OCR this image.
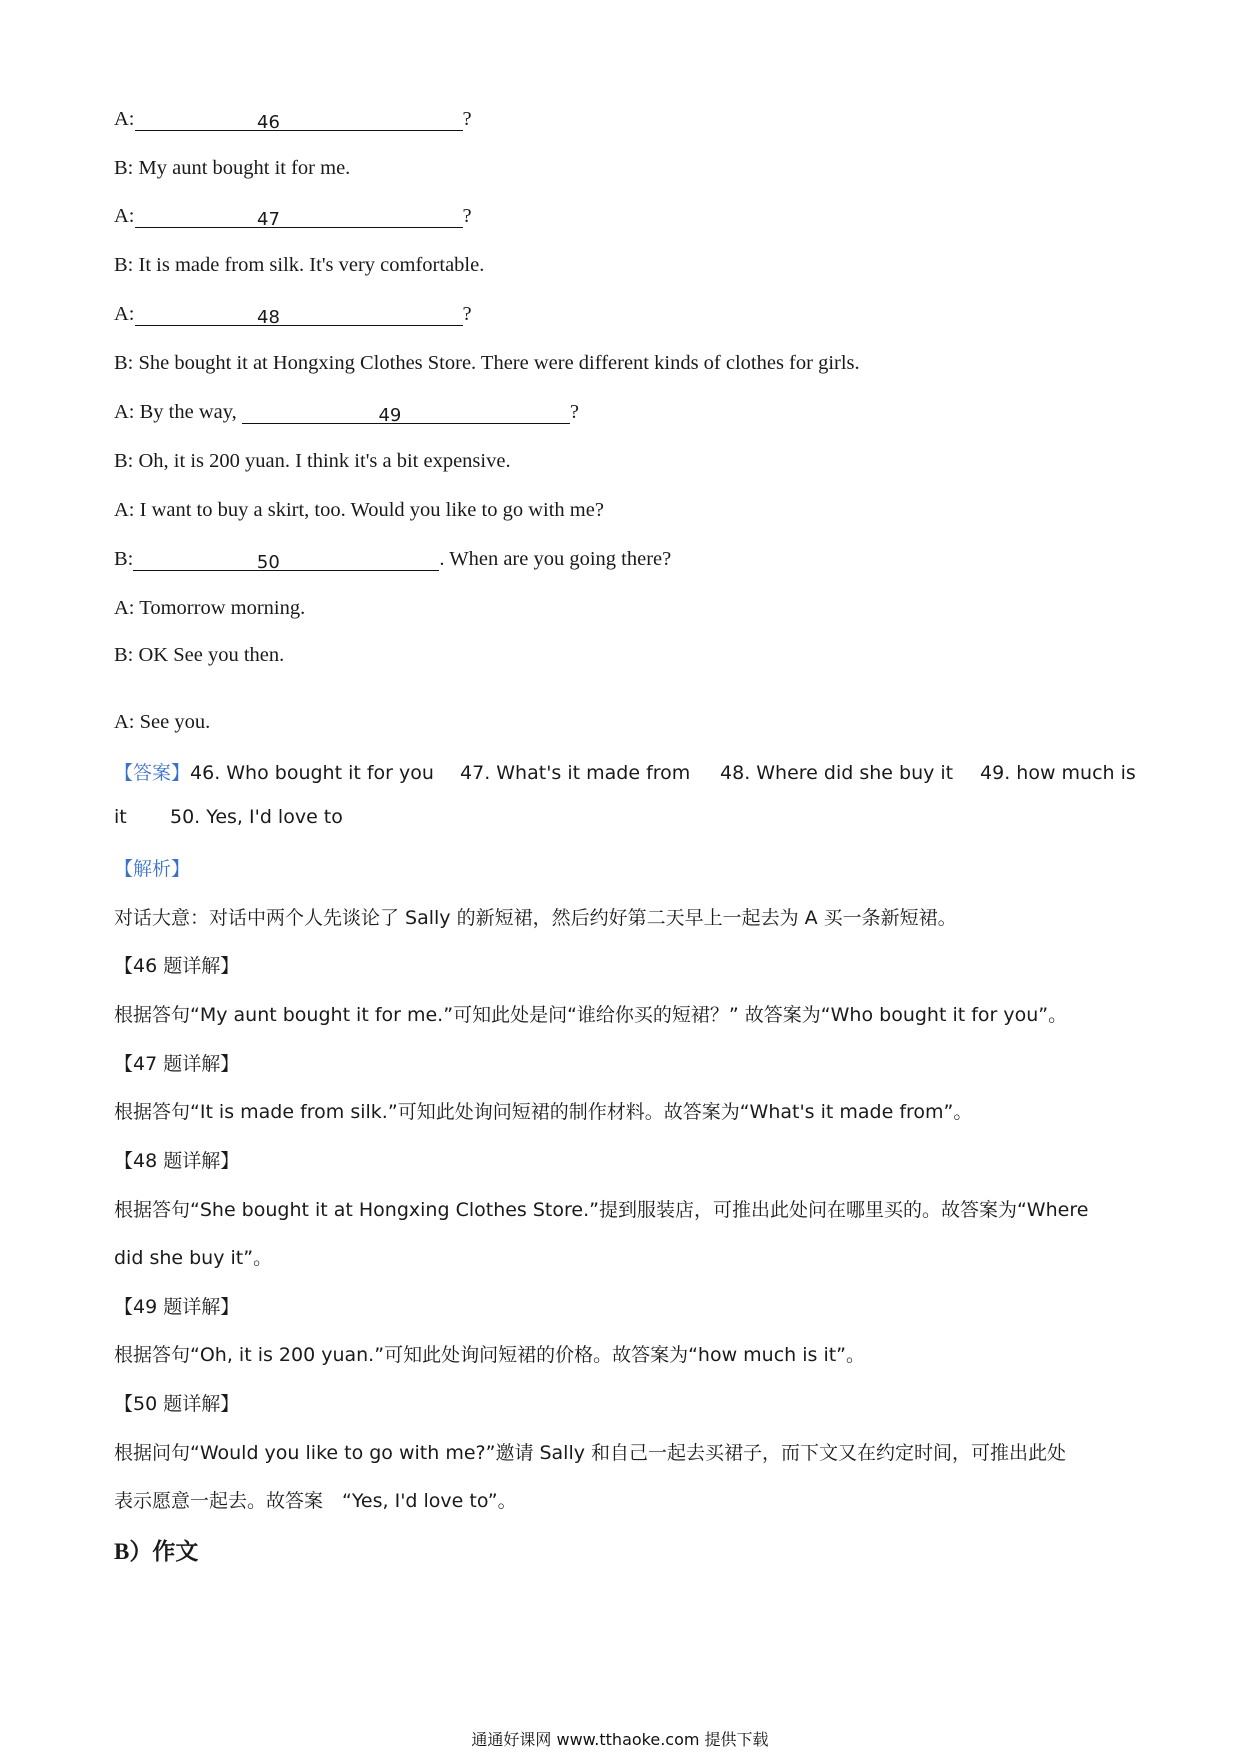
A:	46	?
B: My aunt bought it for me.
A:	47	?
B: It is made from silk. It's very comfortable.
A:	48	?
B: She bought it at Hongxing Clothes Store. There were different kinds of clothes for girls.
A: By the way,	49	?
B: Oh, it is 200 yuan. I think it's a bit expensive.
A: I want to buy a skirt, too. Would you like to go with me?
B:	50	. When are you going there?
A: Tomorrow morning.
B: OK See you then.
A: See you.
【答案】46. Who bought it for you 47. What's it made from 48. Where did she buy it 49. how much is
it 50. Yes, I'd love to
【解析】
对话大意：对话中两个人先谈论了 Sally 的新短裙，然后约好第二天早上一起去为 A 买一条新短裙。
【46 题详解】
根据答句“My aunt bought it for me.”可知此处是问“谁给你买的短裙？” 故答案为“Who bought it for you”。
【47 题详解】
根据答句“It is made from silk.”可知此处询问短裙的制作材料。故答案为“What's it made from”。
【48 题详解】
根据答句“She bought it at Hongxing Clothes Store.”提到服装店，可推出此处问在哪里买的。故答案为“Where
did she buy it”。
【49 题详解】
根据答句“Oh, it is 200 yuan.”可知此处询问短裙的价格。故答案为“how much is it”。
【50 题详解】
根据问句“Would you like to go with me?”邀请 Sally 和自己一起去买裙子，而下文又在约定时间，可推出此处
表示愿意一起去。故答案　“Yes, I'd love to”。
B）作文
通通好课网 www.tthaoke.com 提供下载
